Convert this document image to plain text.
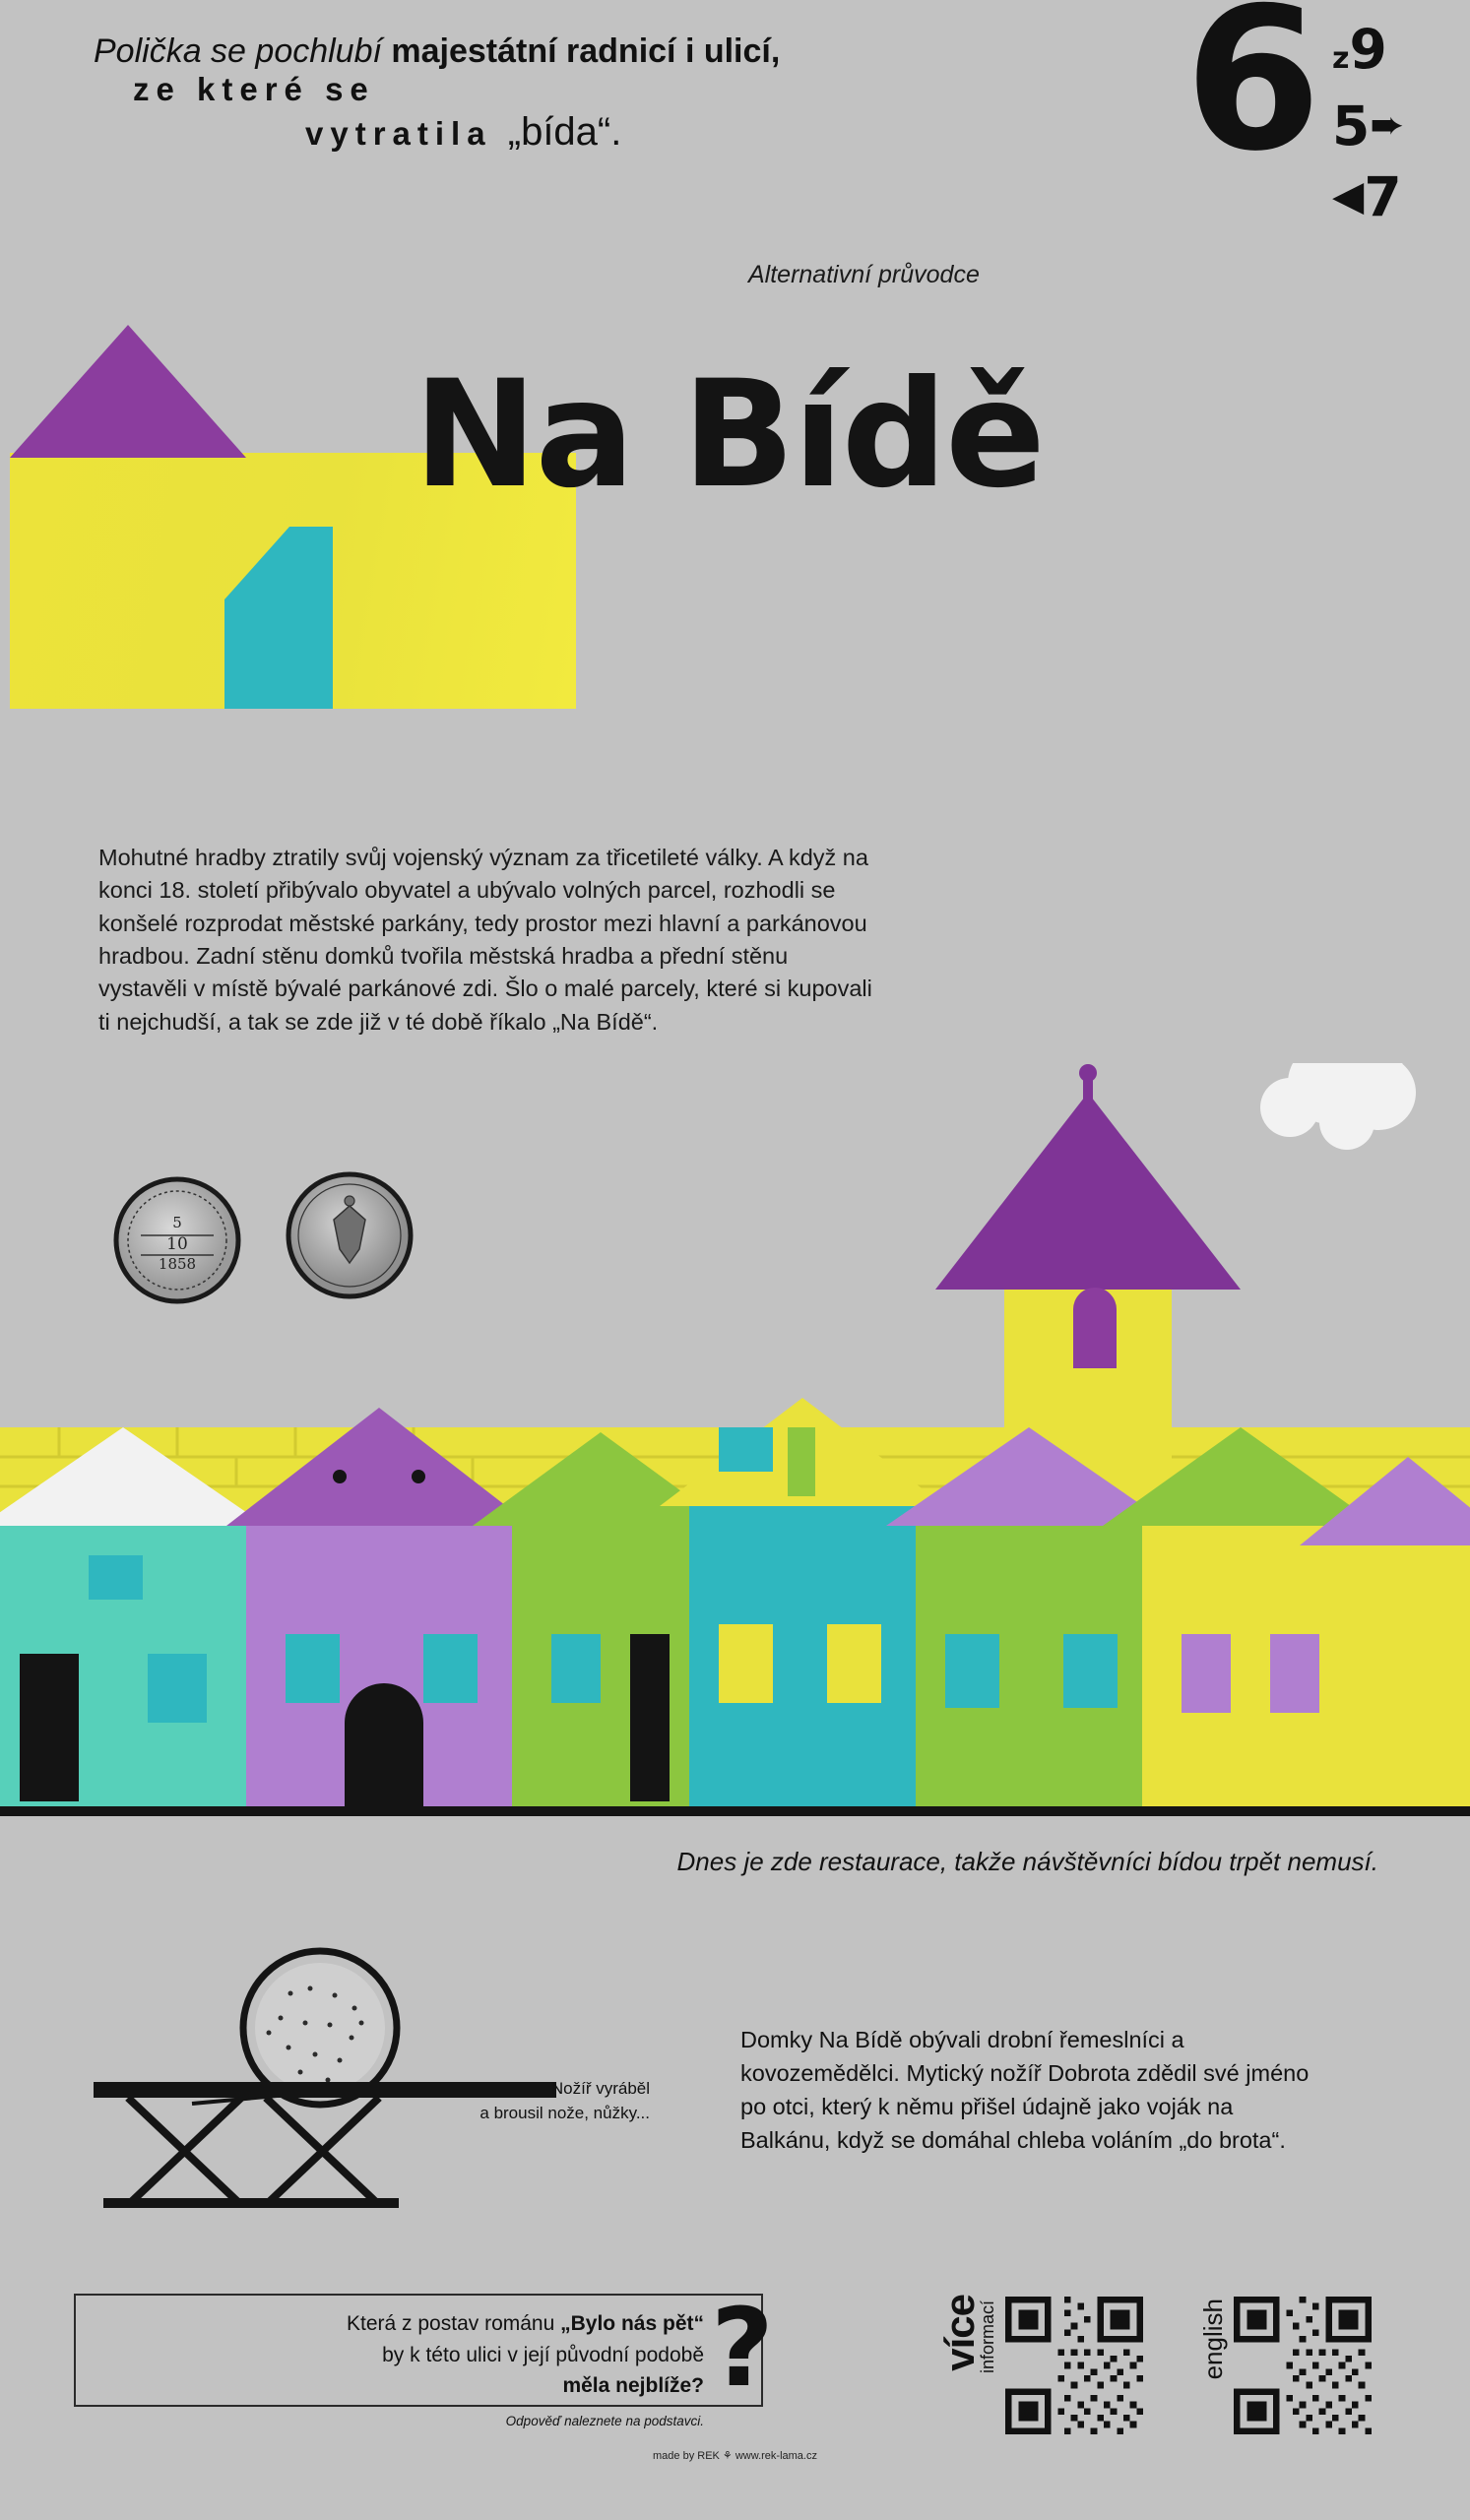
Polička se pochlubí majestátní radnicí i ulicí,
ze které se
vytratila „bída“.
Alternativní průvodce
6 z9
5➨
◀7
Na Bídě
Mohutné hradby ztratily svůj vojenský význam za třicetileté války. A když na konci 18. století přibývalo obyvatel a ubývalo volných parcel, rozhodli se konšelé rozprodat městské parkány, tedy prostor mezi hlavní a parkánovou hradbou. Zadní stěnu domků tvořila městská hradba a přední stěnu vystavěli v místě bývalé parkánové zdi. Šlo o malé parcely, které si kupovali ti nejchudší, a tak se zde již v té době říkalo „Na Bídě“.
5
10
1858
Dnes je zde restaurace, takže návštěvníci bídou trpět nemusí.
Nožíř vyráběl
a brousil nože, nůžky...
Domky Na Bídě obývali drobní řemeslníci a kovozemědělci. Mytický nožíř Dobrota zdědil své jméno po otci, který k němu přišel údajně jako voják na Balkánu, když se domáhal chleba voláním „do brota“.
Která z postav románu „Bylo nás pět“
by k této ulici v její původní podobě
měla nejblíže? ?
Odpověď naleznete na podstavci.
made by REK ⚘ www.rek-lama.cz
více
informací	english
